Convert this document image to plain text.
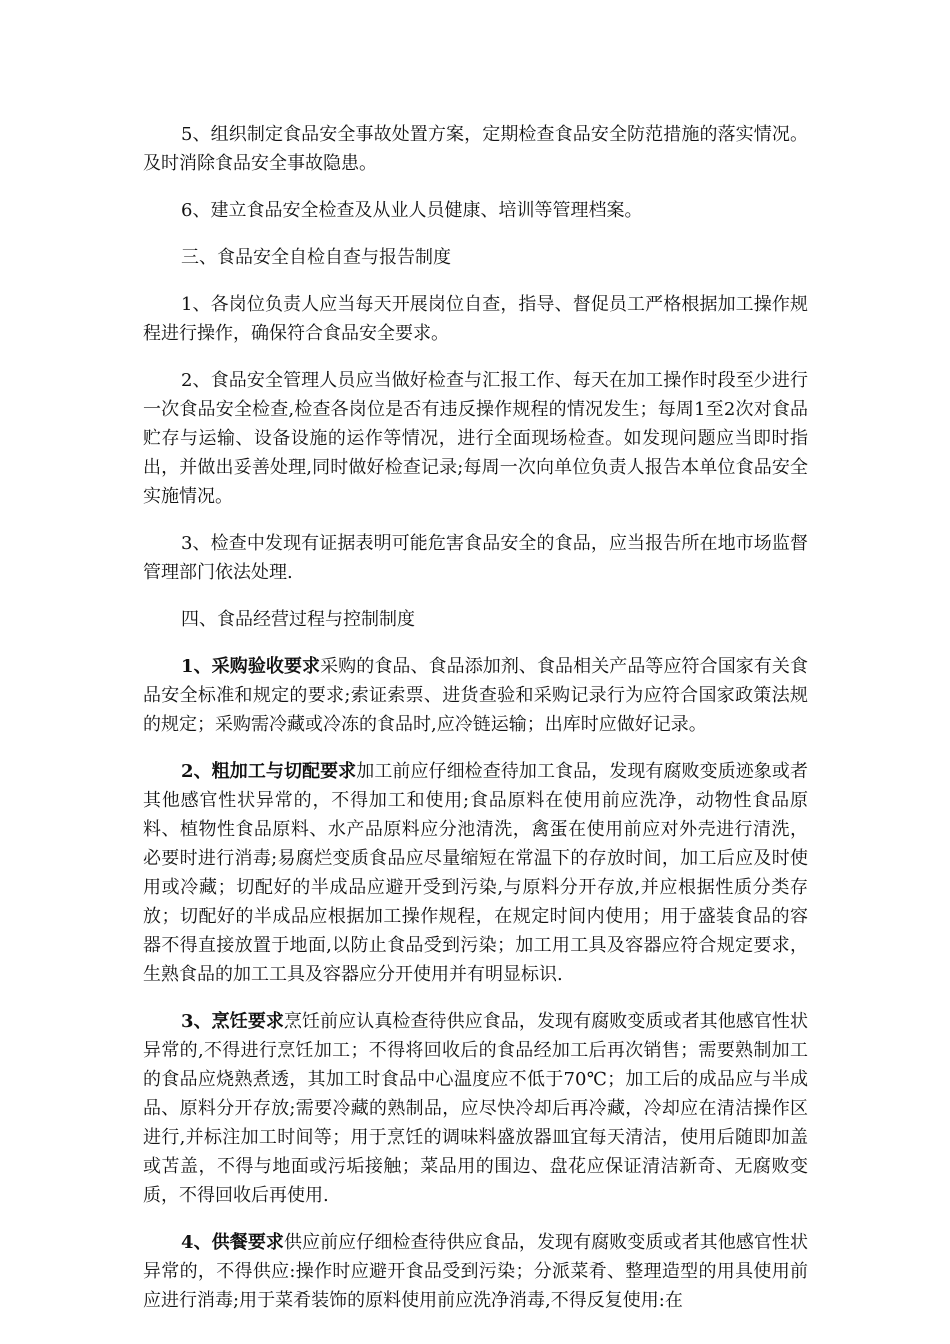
5、组织制定食品安全事故处置方案，定期检查食品安全防范措施的落实情况。及时消除食品安全事故隐患。

6、建立食品安全检查及从业人员健康、培训等管理档案。

三、食品安全自检自查与报告制度

1、各岗位负责人应当每天开展岗位自查，指导、督促员工严格根据加工操作规程进行操作，确保符合食品安全要求。

2、食品安全管理人员应当做好检查与汇报工作、每天在加工操作时段至少进行一次食品安全检查,检查各岗位是否有违反操作规程的情况发生；每周1至2次对食品贮存与运输、设备设施的运作等情况，进行全面现场检查。如发现问题应当即时指出，并做出妥善处理,同时做好检查记录;每周一次向单位负责人报告本单位食品安全实施情况。

3、检查中发现有证据表明可能危害食品安全的食品，应当报告所在地市场监督管理部门依法处理.

四、食品经营过程与控制制度

1、采购验收要求采购的食品、食品添加剂、食品相关产品等应符合国家有关食品安全标准和规定的要求;索证索票、进货查验和采购记录行为应符合国家政策法规的规定；采购需冷藏或冷冻的食品时,应冷链运输；出库时应做好记录。

2、粗加工与切配要求加工前应仔细检查待加工食品，发现有腐败变质迹象或者其他感官性状异常的，不得加工和使用;食品原料在使用前应洗净，动物性食品原料、植物性食品原料、水产品原料应分池清洗，禽蛋在使用前应对外壳进行清洗，必要时进行消毒;易腐烂变质食品应尽量缩短在常温下的存放时间，加工后应及时使用或冷藏；切配好的半成品应避开受到污染,与原料分开存放,并应根据性质分类存放；切配好的半成品应根据加工操作规程，在规定时间内使用；用于盛装食品的容器不得直接放置于地面,以防止食品受到污染；加工用工具及容器应符合规定要求，生熟食品的加工工具及容器应分开使用并有明显标识.

3、烹饪要求烹饪前应认真检查待供应食品，发现有腐败变质或者其他感官性状异常的,不得进行烹饪加工；不得将回收后的食品经加工后再次销售；需要熟制加工的食品应烧熟煮透，其加工时食品中心温度应不低于70℃；加工后的成品应与半成品、原料分开存放;需要冷藏的熟制品，应尽快冷却后再冷藏，冷却应在清洁操作区进行,并标注加工时间等；用于烹饪的调味料盛放器皿宜每天清洁，使用后随即加盖或苫盖，不得与地面或污垢接触；菜品用的围边、盘花应保证清洁新奇、无腐败变质，不得回收后再使用.

4、供餐要求供应前应仔细检查待供应食品，发现有腐败变质或者其他感官性状异常的，不得供应:操作时应避开食品受到污染；分派菜肴、整理造型的用具使用前应进行消毒;用于菜肴装饰的原料使用前应洗净消毒,不得反复使用:在
